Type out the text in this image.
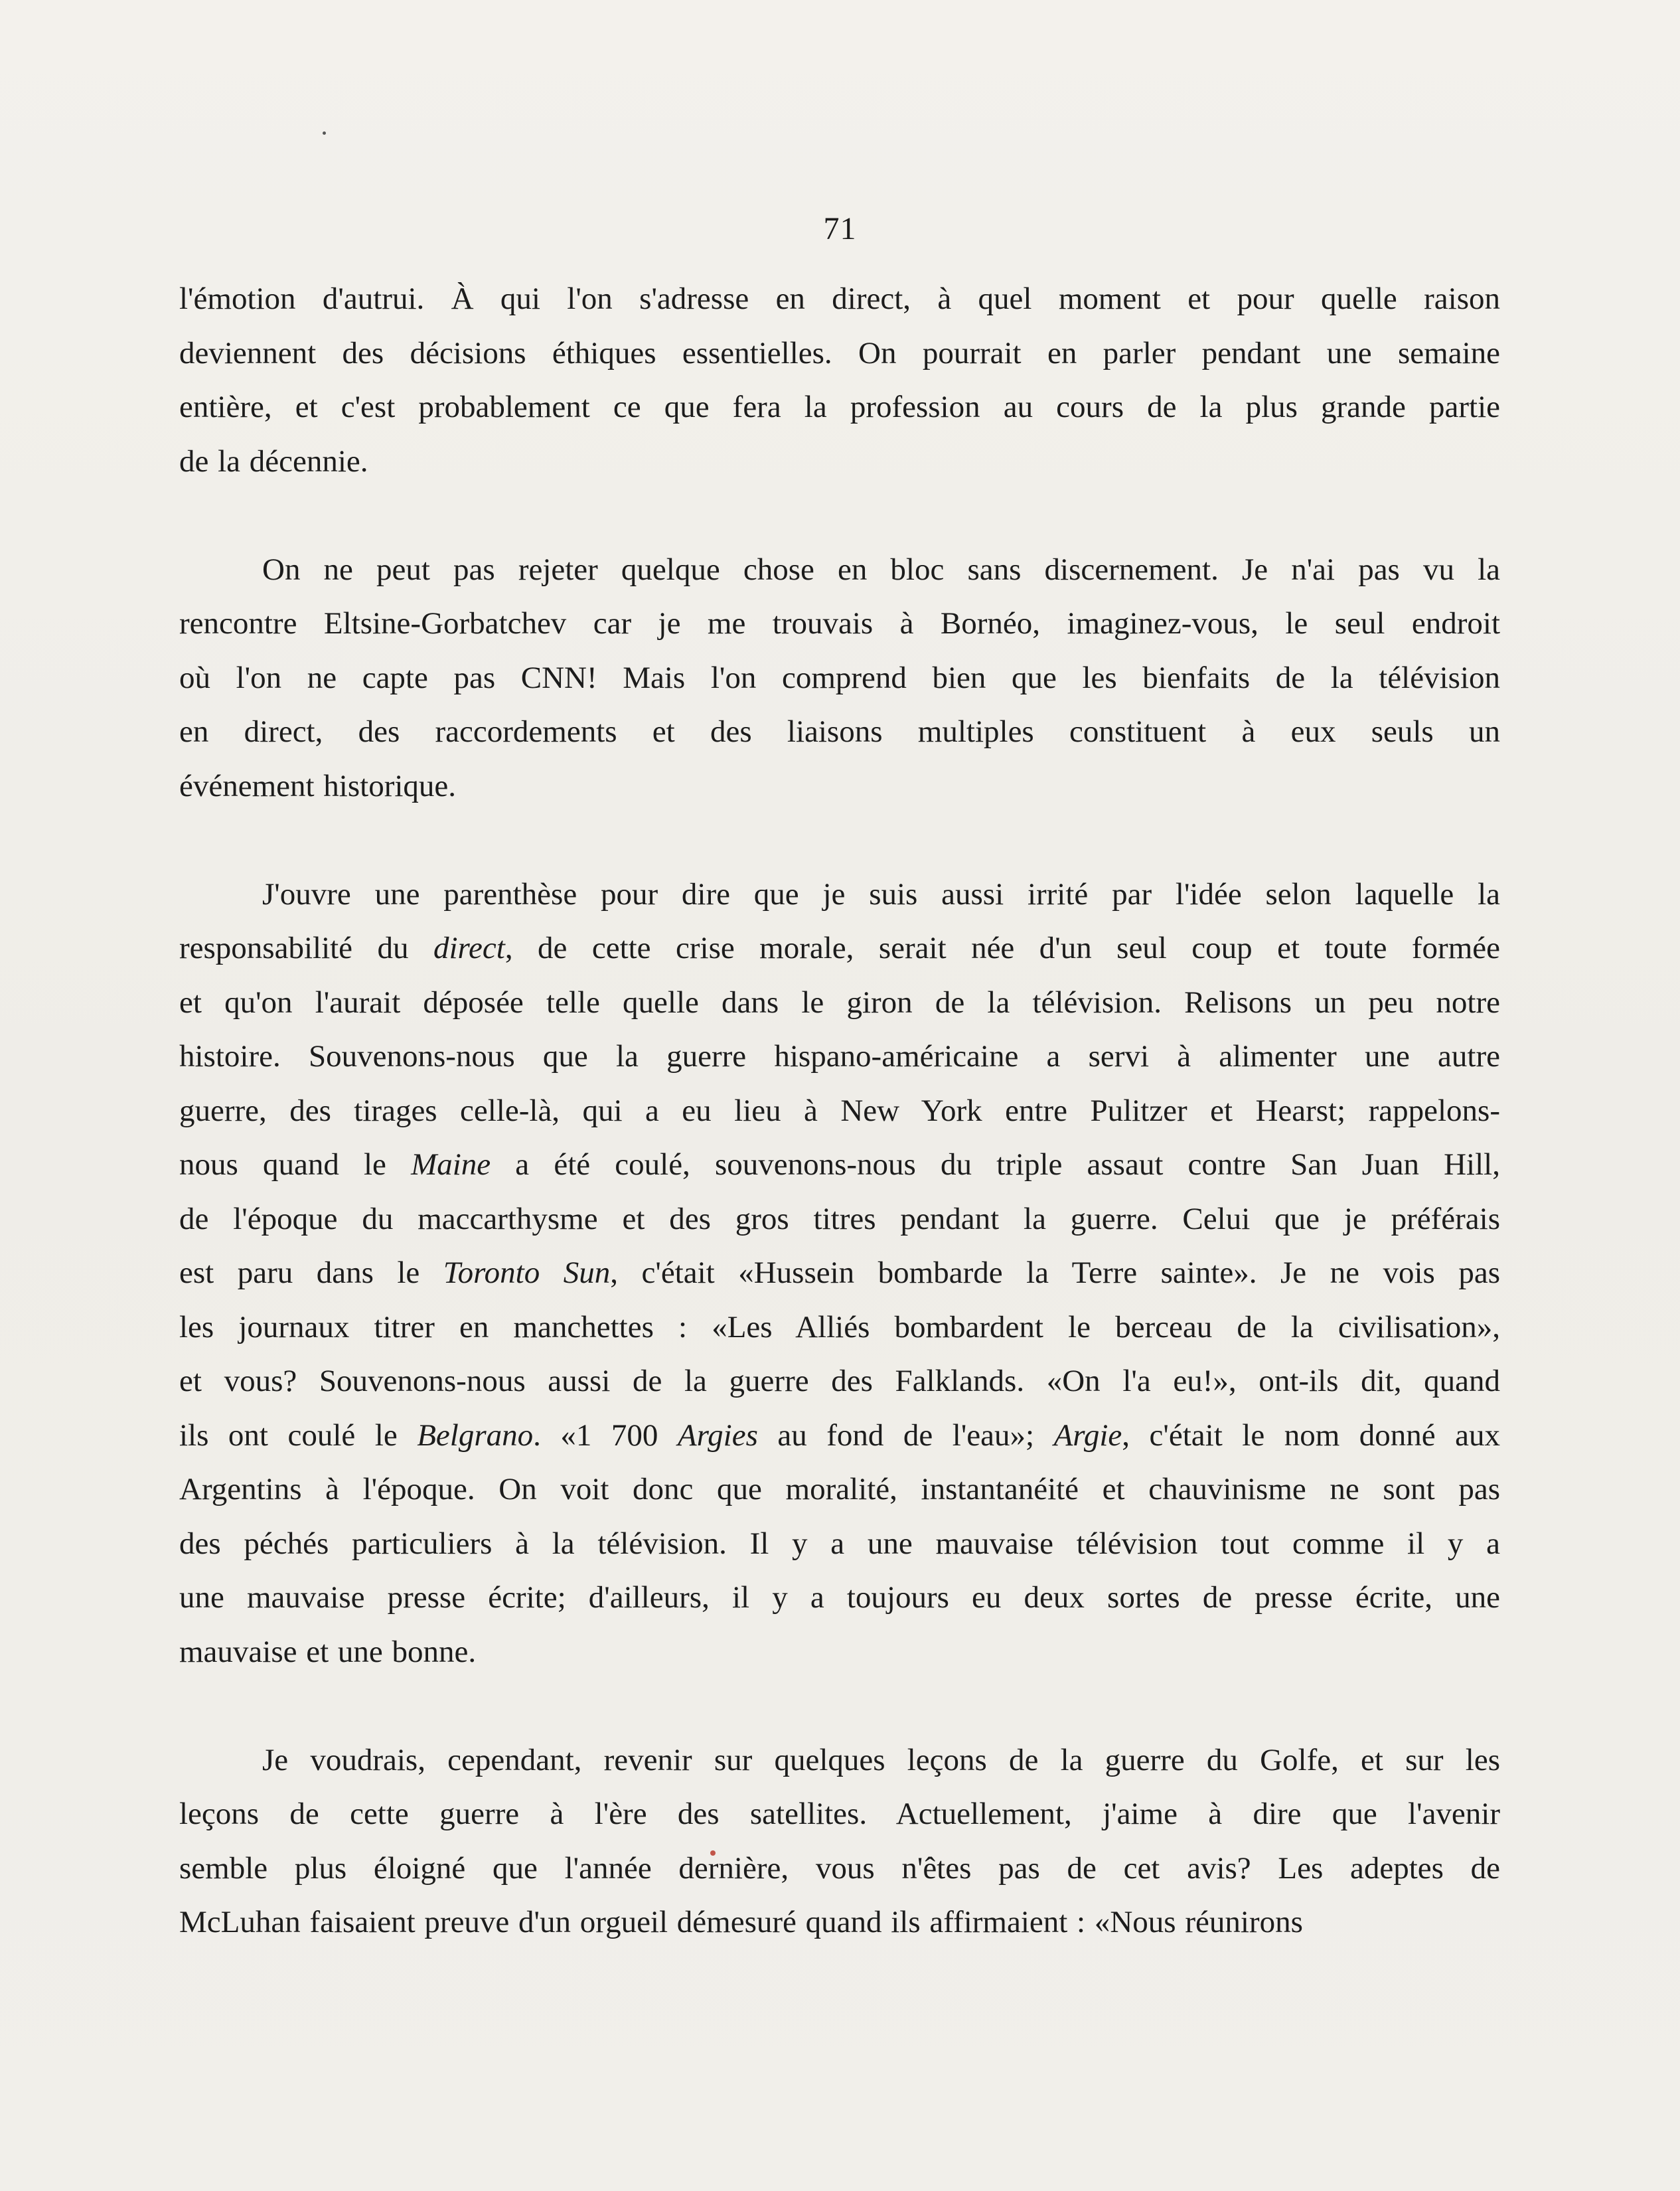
71
l'émotion d'autrui. À qui l'on s'adresse en direct, à quel moment et pour quelle raison
deviennent des décisions éthiques essentielles. On pourrait en parler pendant une semaine
entière, et c'est probablement ce que fera la profession au cours de la plus grande partie
de la décennie.
On ne peut pas rejeter quelque chose en bloc sans discernement. Je n'ai pas vu la
rencontre Eltsine-Gorbatchev car je me trouvais à Bornéo, imaginez-vous, le seul endroit
où l'on ne capte pas CNN! Mais l'on comprend bien que les bienfaits de la télévision
en direct, des raccordements et des liaisons multiples constituent à eux seuls un
événement historique.
J'ouvre une parenthèse pour dire que je suis aussi irrité par l'idée selon laquelle la
responsabilité du direct, de cette crise morale, serait née d'un seul coup et toute formée
et qu'on l'aurait déposée telle quelle dans le giron de la télévision. Relisons un peu notre
histoire. Souvenons-nous que la guerre hispano-américaine a servi à alimenter une autre
guerre, des tirages celle-là, qui a eu lieu à New York entre Pulitzer et Hearst; rappelons-
nous quand le Maine a été coulé, souvenons-nous du triple assaut contre San Juan Hill,
de l'époque du maccarthysme et des gros titres pendant la guerre. Celui que je préférais
est paru dans le Toronto Sun, c'était «Hussein bombarde la Terre sainte». Je ne vois pas
les journaux titrer en manchettes : «Les Alliés bombardent le berceau de la civilisation»,
et vous? Souvenons-nous aussi de la guerre des Falklands. «On l'a eu!», ont-ils dit, quand
ils ont coulé le Belgrano. «1 700 Argies au fond de l'eau»; Argie, c'était le nom donné aux
Argentins à l'époque. On voit donc que moralité, instantanéité et chauvinisme ne sont pas
des péchés particuliers à la télévision. Il y a une mauvaise télévision tout comme il y a
une mauvaise presse écrite; d'ailleurs, il y a toujours eu deux sortes de presse écrite, une
mauvaise et une bonne.
Je voudrais, cependant, revenir sur quelques leçons de la guerre du Golfe, et sur les
leçons de cette guerre à l'ère des satellites. Actuellement, j'aime à dire que l'avenir
semble plus éloigné que l'année dernière, vous n'êtes pas de cet avis? Les adeptes de
McLuhan faisaient preuve d'un orgueil démesuré quand ils affirmaient : «Nous réunirons
